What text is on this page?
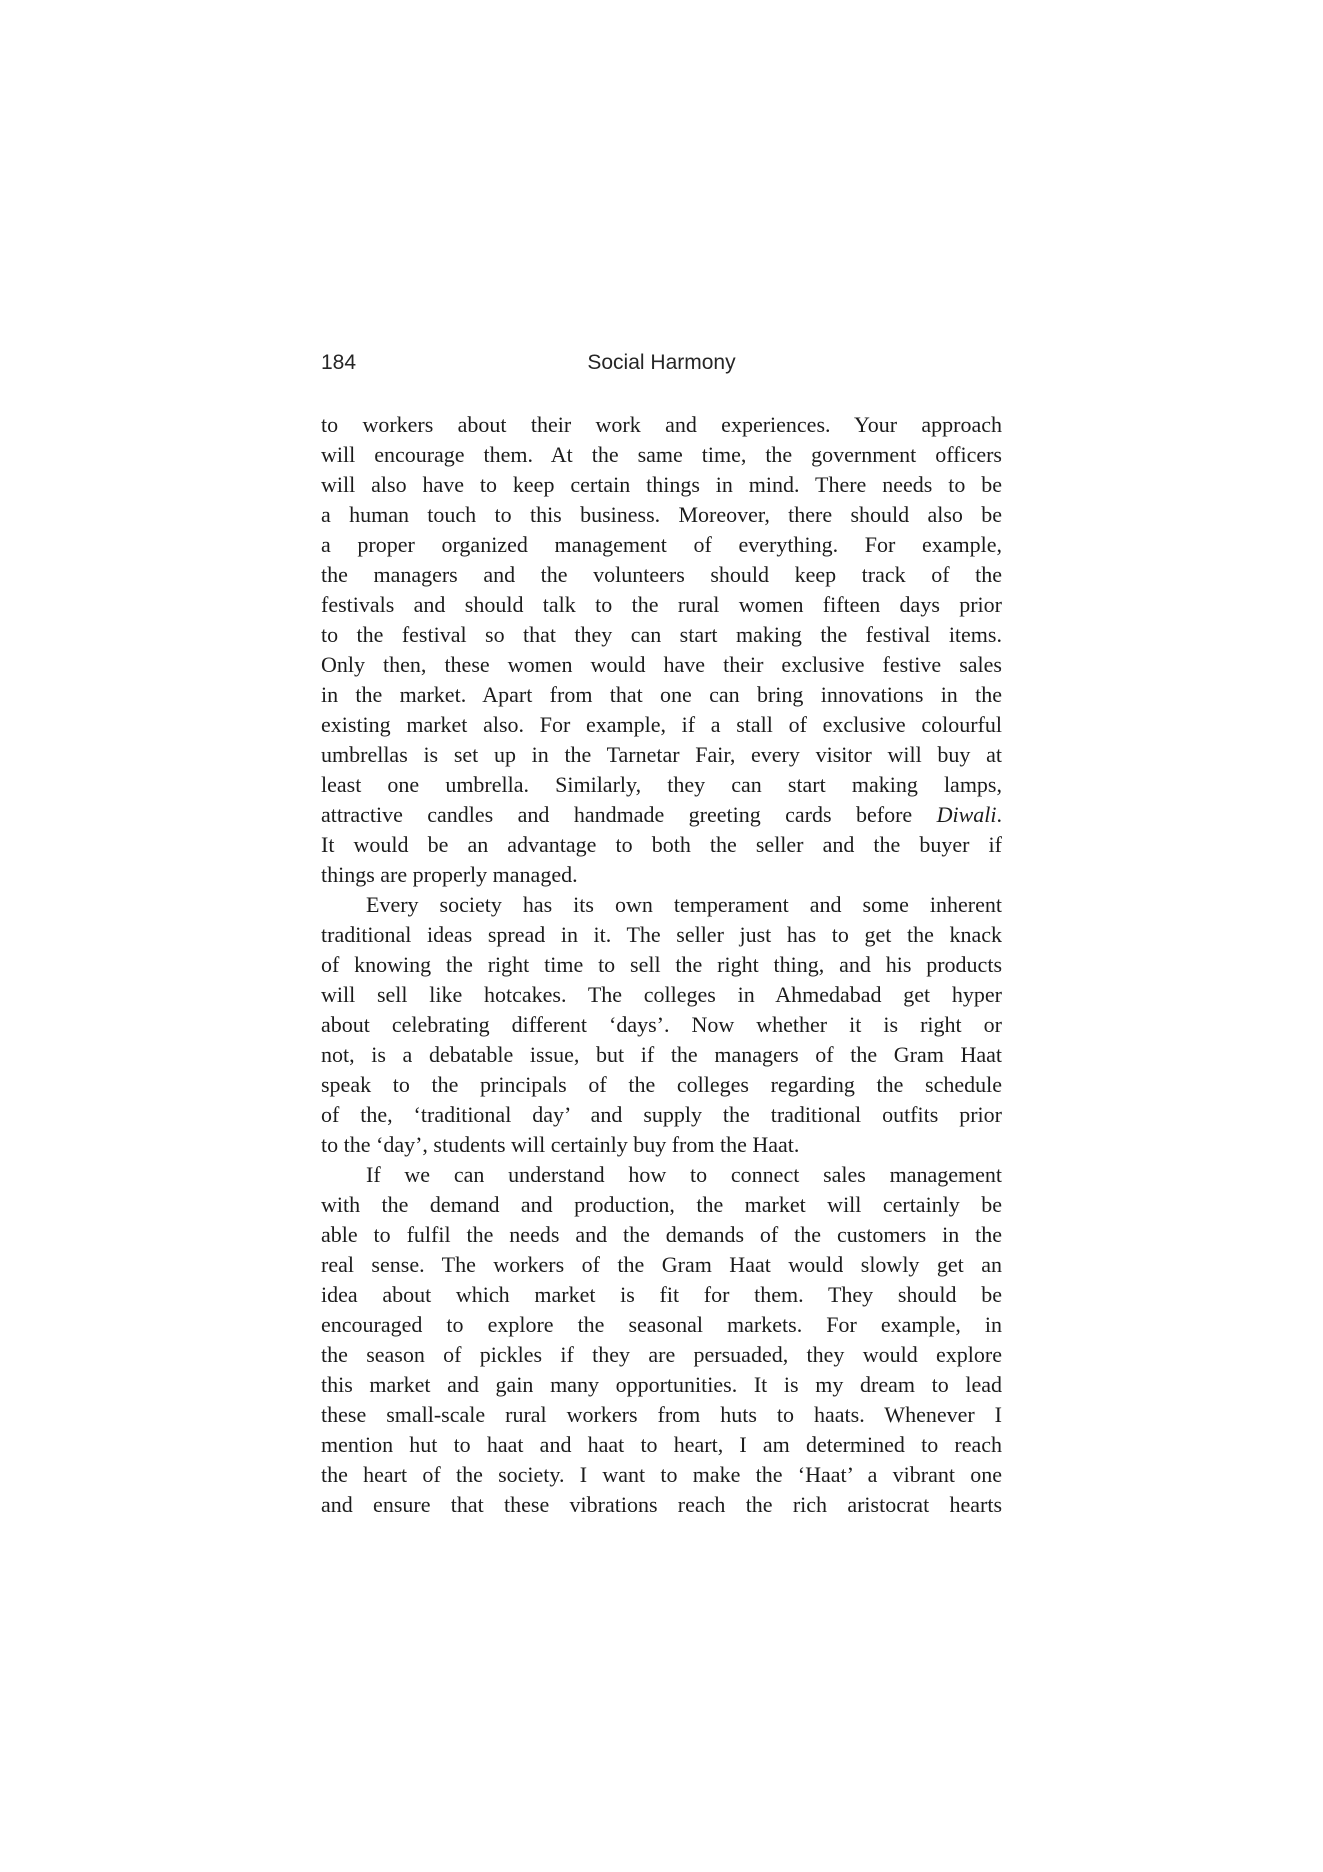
184	Social Harmony
to workers about their work and experiences. Your approach
will encourage them. At the same time, the government officers
will also have to keep certain things in mind. There needs to be
a human touch to this business. Moreover, there should also be
a proper organized management of everything. For example,
the managers and the volunteers should keep track of the
festivals and should talk to the rural women fifteen days prior
to the festival so that they can start making the festival items.
Only then, these women would have their exclusive festive sales
in the market. Apart from that one can bring innovations in the
existing market also. For example, if a stall of exclusive colourful
umbrellas is set up in the Tarnetar Fair, every visitor will buy at
least one umbrella. Similarly, they can start making lamps,
attractive candles and handmade greeting cards before Diwali.
It would be an advantage to both the seller and the buyer if
things are properly managed.
Every society has its own temperament and some inherent
traditional ideas spread in it. The seller just has to get the knack
of knowing the right time to sell the right thing, and his products
will sell like hotcakes. The colleges in Ahmedabad get hyper
about celebrating different ‘days’. Now whether it is right or
not, is a debatable issue, but if the managers of the Gram Haat
speak to the principals of the colleges regarding the schedule
of the, ‘traditional day’ and supply the traditional outfits prior
to the ‘day’, students will certainly buy from the Haat.
If we can understand how to connect sales management
with the demand and production, the market will certainly be
able to fulfil the needs and the demands of the customers in the
real sense. The workers of the Gram Haat would slowly get an
idea about which market is fit for them. They should be
encouraged to explore the seasonal markets. For example, in
the season of pickles if they are persuaded, they would explore
this market and gain many opportunities. It is my dream to lead
these small-scale rural workers from huts to haats. Whenever I
mention hut to haat and haat to heart, I am determined to reach
the heart of the society. I want to make the ‘Haat’ a vibrant one
and ensure that these vibrations reach the rich aristocrat hearts
